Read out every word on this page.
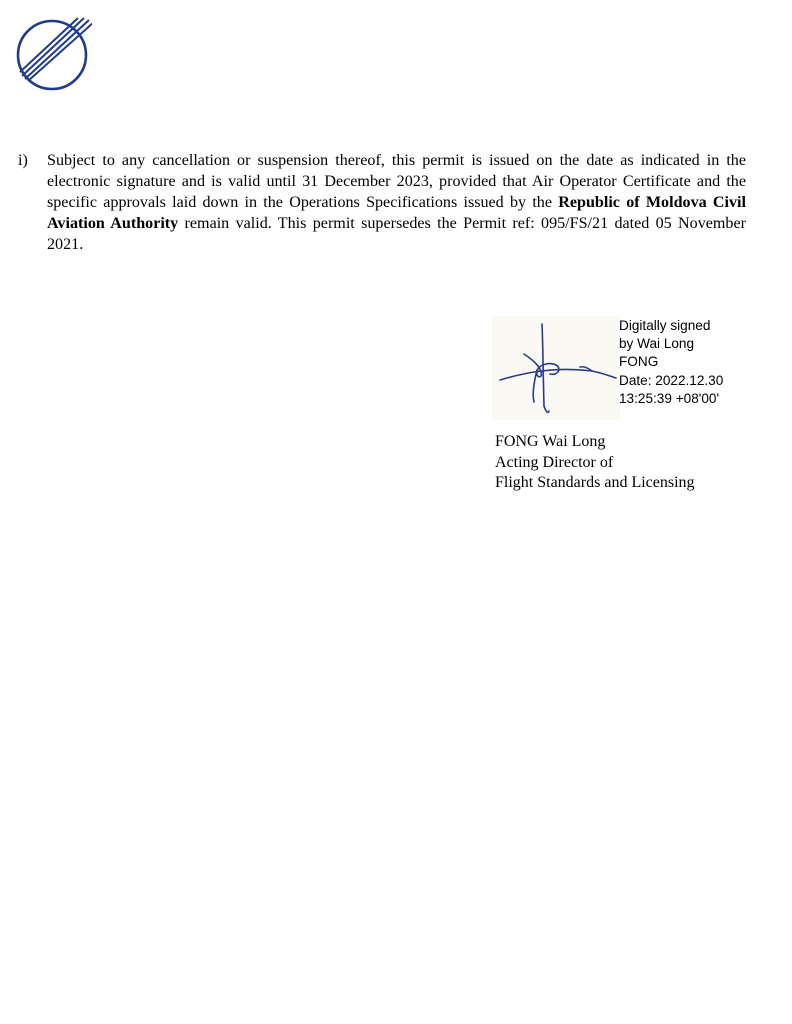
i) Subject to any cancellation or suspension thereof, this permit is issued on the date as indicated in the electronic signature and is valid until 31 December 2023, provided that Air Operator Certificate and the specific approvals laid down in the Operations Specifications issued by the Republic of Moldova Civil Aviation Authority remain valid. This permit supersedes the Permit ref: 095/FS/21 dated 05 November 2021.
Digitally signed
by Wai Long
FONG
Date: 2022.12.30
13:25:39 +08'00'
FONG Wai Long
Acting Director of
Flight Standards and Licensing
